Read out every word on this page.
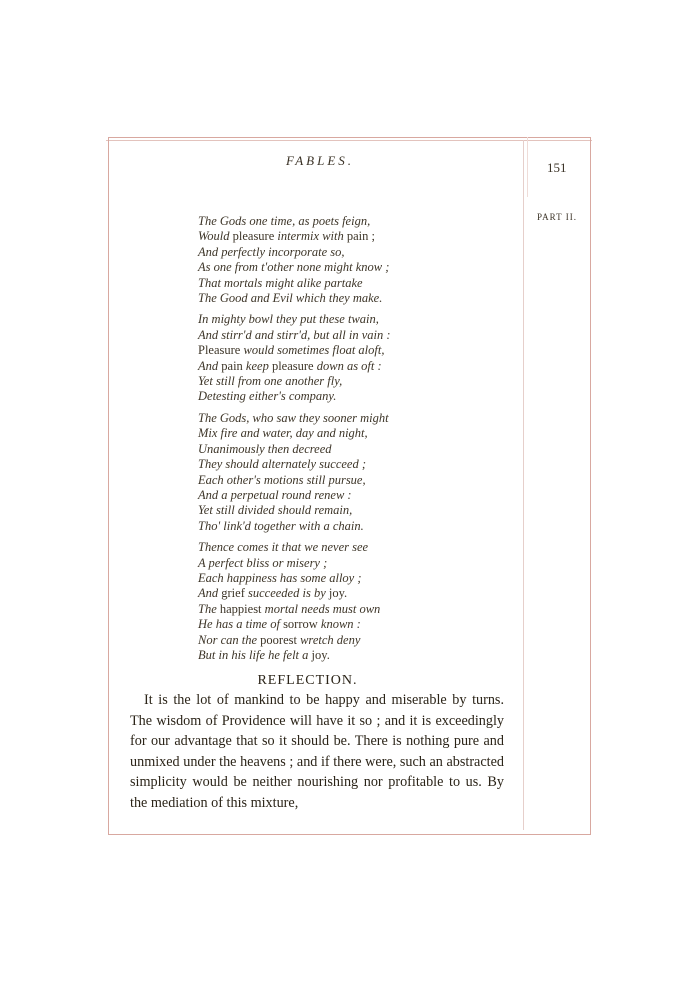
FABLES.	151
PART II.
The Gods one time, as poets feign,
Would pleasure intermix with pain ;
And perfectly incorporate so,
As one from t'other none might know ;
That mortals might alike partake
The Good and Evil which they make.
In mighty bowl they put these twain,
And stirr'd and stirr'd, but all in vain :
Pleasure would sometimes float aloft,
And pain keep pleasure down as oft :
Yet still from one another fly,
Detesting either's company.
The Gods, who saw they sooner might
Mix fire and water, day and night,
Unanimously then decreed
They should alternately succeed ;
Each other's motions still pursue,
And a perpetual round renew :
Yet still divided should remain,
Tho' link'd together with a chain.
Thence comes it that we never see
A perfect bliss or misery ;
Each happiness has some alloy ;
And grief succeeded is by joy.
The happiest mortal needs must own
He has a time of sorrow known :
Nor can the poorest wretch deny
But in his life he felt a joy.
REFLECTION.

It is the lot of mankind to be happy and miserable by turns. The wisdom of Providence will have it so ; and it is exceedingly for our advantage that so it should be. There is nothing pure and unmixed under the heavens ; and if there were, such an abstracted simplicity would be neither nourishing nor profitable to us. By the mediation of this mixture,
